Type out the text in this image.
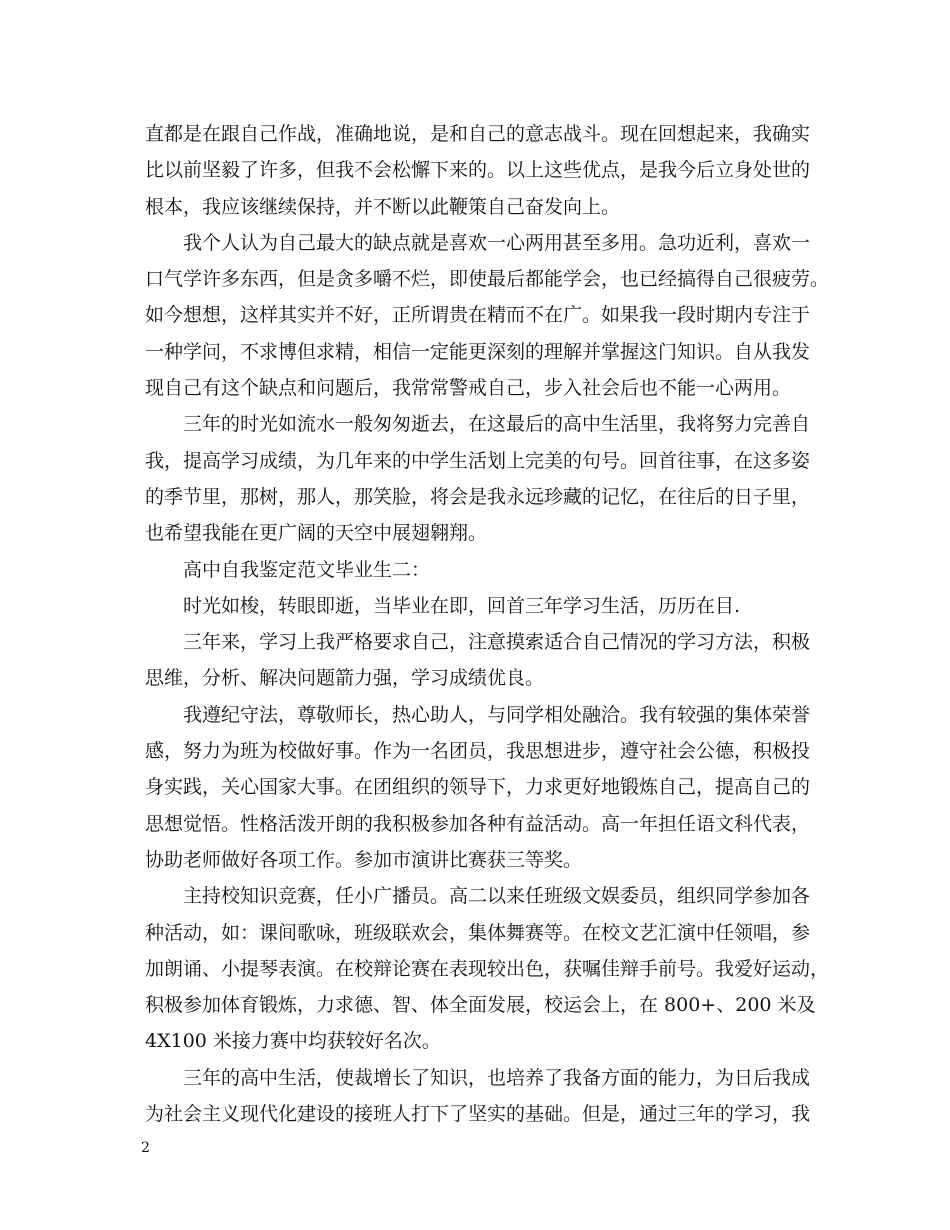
直都是在跟自己作战，准确地说，是和自己的意志战斗。现在回想起来，我确实
比以前坚毅了许多，但我不会松懈下来的。以上这些优点，是我今后立身处世的
根本，我应该继续保持，并不断以此鞭策自己奋发向上。
我个人认为自己最大的缺点就是喜欢一心两用甚至多用。急功近利，喜欢一
口气学许多东西，但是贪多嚼不烂，即使最后都能学会，也已经搞得自己很疲劳。
如今想想，这样其实并不好，正所谓贵在精而不在广。如果我一段时期内专注于
一种学问，不求博但求精，相信一定能更深刻的理解并掌握这门知识。自从我发
现自己有这个缺点和问题后，我常常警戒自己，步入社会后也不能一心两用。
三年的时光如流水一般匆匆逝去，在这最后的高中生活里，我将努力完善自
我，提高学习成绩，为几年来的中学生活划上完美的句号。回首往事，在这多姿
的季节里，那树，那人，那笑脸，将会是我永远珍藏的记忆，在往后的日子里，
也希望我能在更广阔的天空中展翅翱翔。
高中自我鉴定范文毕业生二：
时光如梭，转眼即逝，当毕业在即，回首三年学习生活，历历在目.
三年来，学习上我严格要求自己，注意摸索适合自己情况的学习方法，积极
思维，分析、解决问题箭力强，学习成绩优良。
我遵纪守法，尊敬师长，热心助人，与同学相处融洽。我有较强的集体荣誉
感，努力为班为校做好事。作为一名团员，我思想进步，遵守社会公德，积极投
身实践，关心国家大事。在团组织的领导下，力求更好地锻炼自己，提高自己的
思想觉悟。性格活泼开朗的我积极参加各种有益活动。高一年担任语文科代表，
协助老师做好各项工作。参加市演讲比赛获三等奖。
主持校知识竞赛，任小广播员。高二以来任班级文娱委员，组织同学参加各
种活动，如：课间歌咏，班级联欢会，集体舞赛等。在校文艺汇演中任领唱，参
加朗诵、小提琴表演。在校辩论赛在表现较出色，获嘱佳辩手前号。我爱好运动，
积极参加体育锻炼，力求德、智、体全面发展，校运会上，在 800+、200 米及
4X100 米接力赛中均获较好名次。
三年的高中生活，使裁增长了知识，也培养了我备方面的能力，为日后我成
为社会主义现代化建设的接班人打下了坚实的基础。但是，通过三年的学习，我
2
